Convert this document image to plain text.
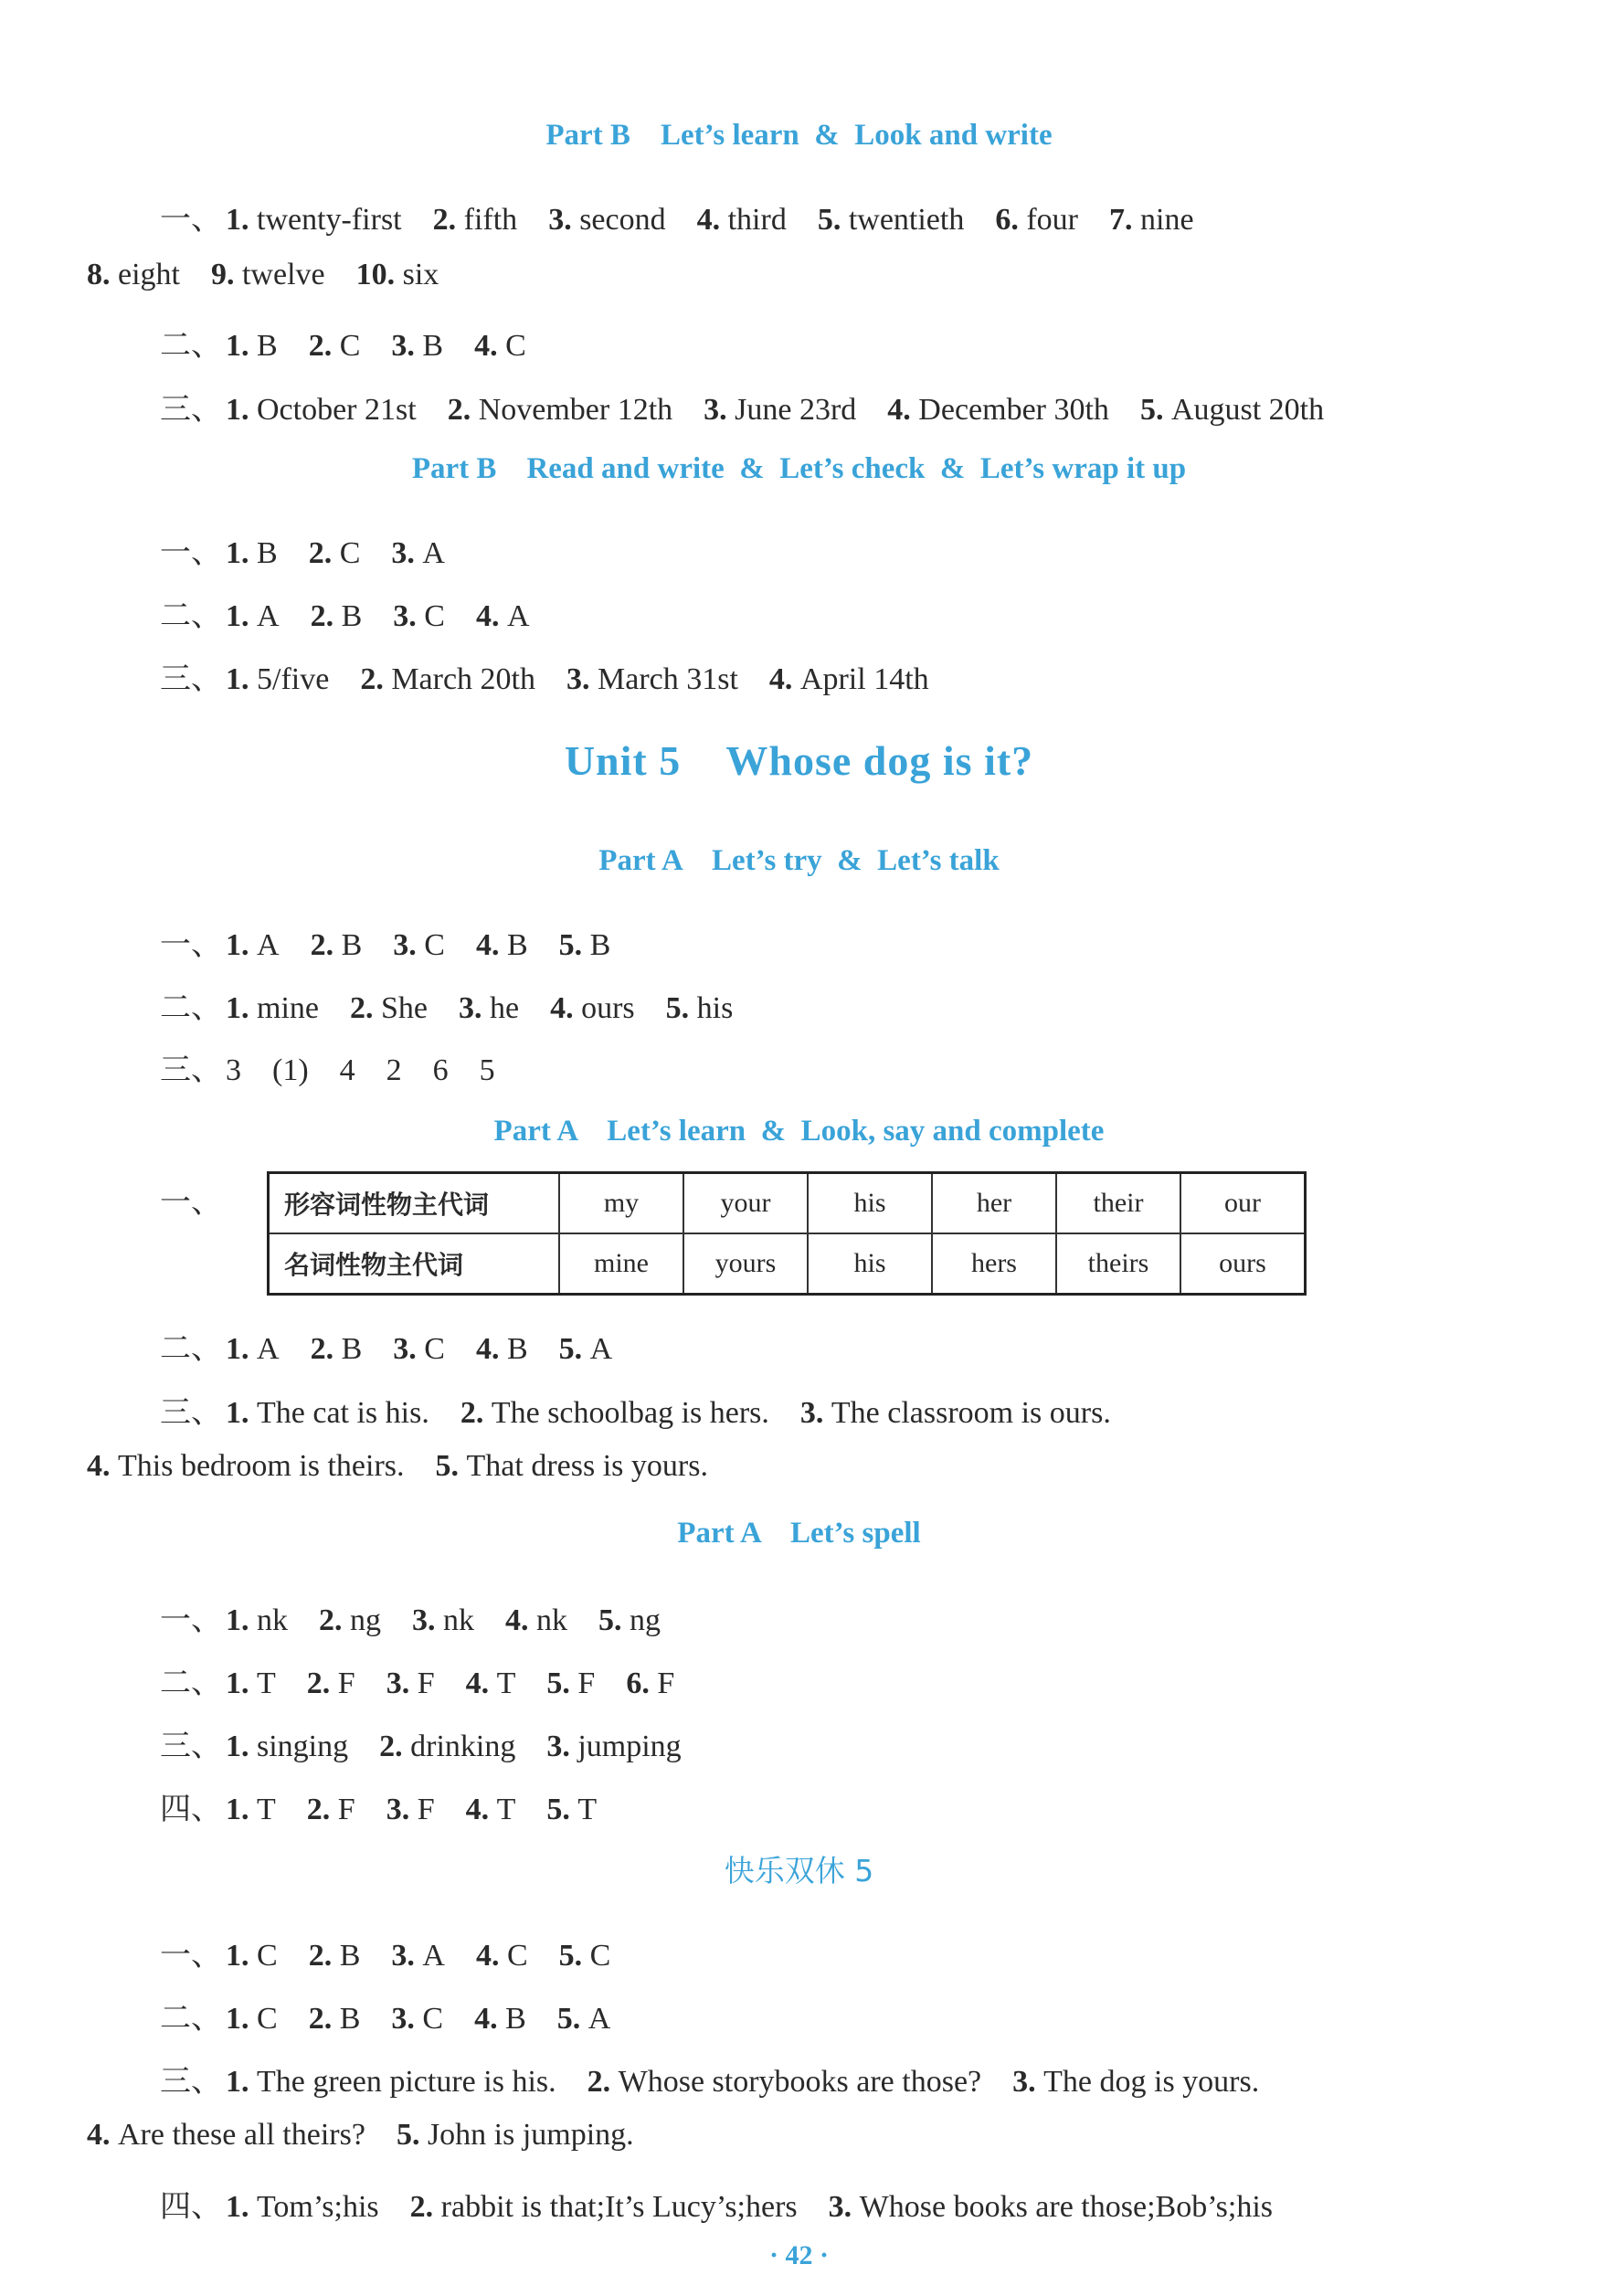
Part B    Let’s learn  &  Look and write
Part B    Read and write  &  Let’s check  &  Let’s wrap it up
Unit 5    Whose dog is it?
Part A    Let’s try  &  Let’s talk
Part A    Let’s learn  &  Look, say and complete
Part A    Let’s spell
快乐双休 5
一、 1. twenty-first 2. fifth 3. second 4. third 5. twentieth 6. four 7. nine
8. eight 9. twelve 10. six
二、 1. B 2. C 3. B 4. C
三、 1. October 21st 2. November 12th 3. June 23rd 4. December 30th 5. August 20th
一、 1. B 2. C 3. A
二、 1. A 2. B 3. C 4. A
三、 1. 5/five 2. March 20th 3. March 31st 4. April 14th
一、 1. A 2. B 3. C 4. B 5. B
二、 1. mine 2. She 3. he 4. ours 5. his
三、 3 (1) 4 2 6 5
一、
二、 1. A 2. B 3. C 4. B 5. A
三、 1. The cat is his. 2. The schoolbag is hers. 3. The classroom is ours.
4. This bedroom is theirs. 5. That dress is yours.
一、 1. nk 2. ng 3. nk 4. nk 5. ng
二、 1. T 2. F 3. F 4. T 5. F 6. F
三、 1. singing 2. drinking 3. jumping
四、 1. T 2. F 3. F 4. T 5. T
一、 1. C 2. B 3. A 4. C 5. C
二、 1. C 2. B 3. C 4. B 5. A
三、 1. The green picture is his. 2. Whose storybooks are those? 3. The dog is yours.
4. Are these all theirs? 5. John is jumping.
四、 1. Tom’s;his 2. rabbit is that;It’s Lucy’s;hers 3. Whose books are those;Bob’s;his
形容词性物主代词	my	your	his	her	their	our
名词性物主代词	mine	yours	his	hers	theirs	ours
· 42 ·
